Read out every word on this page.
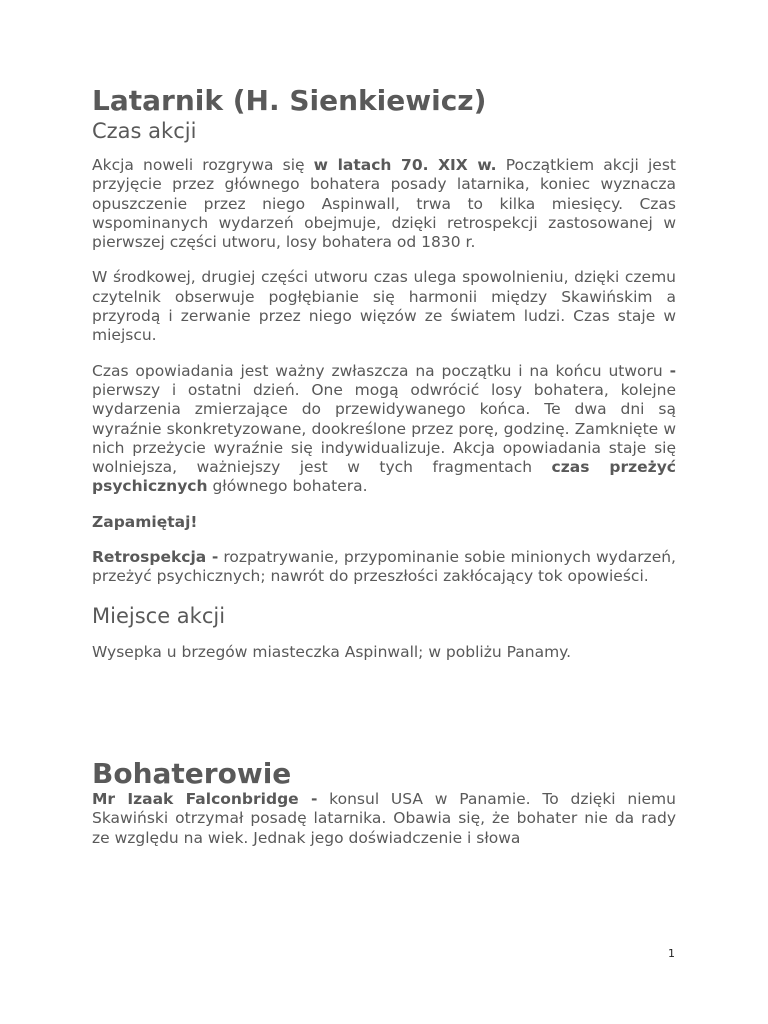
Latarnik (H. Sienkiewicz)
Czas akcji

Akcja noweli rozgrywa się w latach 70. XIX w. Początkiem akcji jest przyjęcie przez głównego bohatera posady latarnika, koniec wyznacza opuszczenie przez niego Aspinwall, trwa to kilka miesięcy. Czas wspominanych wydarzeń obejmuje, dzięki retrospekcji zastosowanej w pierwszej części utworu, losy bohatera od 1830 r.

W środkowej, drugiej części utworu czas ulega spowolnieniu, dzięki czemu czytelnik obserwuje pogłębianie się harmonii między Skawińskim a przyrodą i zerwanie przez niego więzów ze światem ludzi. Czas staje w miejscu.

Czas opowiadania jest ważny zwłaszcza na początku i na końcu utworu - pierwszy i ostatni dzień. One mogą odwrócić losy bohatera, kolejne wydarzenia zmierzające do przewidywanego końca. Te dwa dni są wyraźnie skonkretyzowane, dookreślone przez porę, godzinę. Zamknięte w nich przeżycie wyraźnie się indywidualizuje. Akcja opowiadania staje się wolniejsza, ważniejszy jest w tych fragmentach czas przeżyć psychicznych głównego bohatera.

Zapamiętaj!

Retrospekcja - rozpatrywanie, przypominanie sobie minionych wydarzeń, przeżyć psychicznych; nawrót do przeszłości zakłócający tok opowieści.

Miejsce akcji

Wysepka u brzegów miasteczka Aspinwall; w pobliżu Panamy.

Bohaterowie

Mr Izaak Falconbridge - konsul USA w Panamie. To dzięki niemu Skawiński otrzymał posadę latarnika. Obawia się, że bohater nie da rady ze względu na wiek. Jednak jego doświadczenie i słowa

1
